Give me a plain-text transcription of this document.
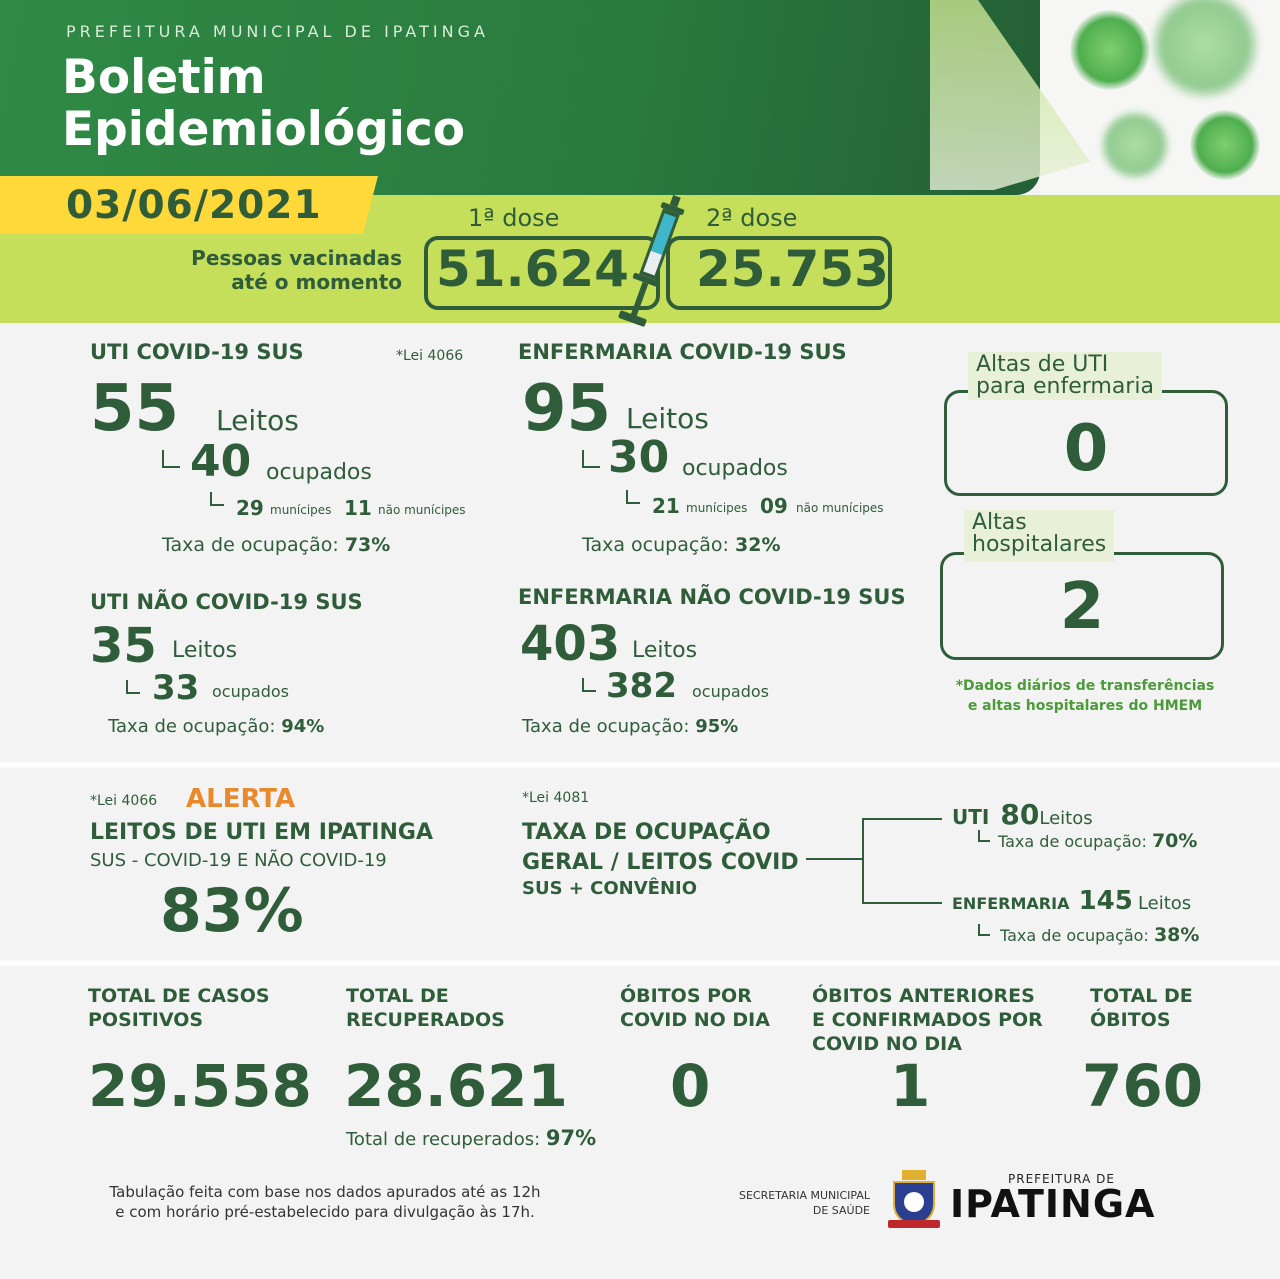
PREFEITURA MUNICIPAL DE IPATINGA
Boletim
Epidemiológico
03/06/2021
Pessoas vacinadas
até o momento
1ª dose	2ª dose
51.624 25.753
UTI COVID-19 SUS	*Lei 4066
55 Leitos
40 ocupados
29 munícipes 11 não munícipes
Taxa de ocupação: 73%
ENFERMARIA COVID-19 SUS
95 Leitos
30 ocupados
21 munícipes 09 não munícipes
Taxa ocupação: 32%
UTI NÃO COVID-19 SUS
35 Leitos
33 ocupados
Taxa de ocupação: 94%
ENFERMARIA NÃO COVID-19 SUS
403 Leitos
382 ocupados
Taxa de ocupação: 95%
Altas de UTI
para enfermaria
0
Altas
hospitalares
2
*Dados diários de transferências
e altas hospitalares do HMEM
*Lei 4066 ALERTA
LEITOS DE UTI EM IPATINGA
SUS - COVID-19 E NÃO COVID-19
83%
*Lei 4081
TAXA DE OCUPAÇÃO
GERAL / LEITOS COVID
SUS + CONVÊNIO
UTI 80Leitos
Taxa de ocupação: 70%
ENFERMARIA 145 Leitos
Taxa de ocupação: 38%
TOTAL DE CASOS
POSITIVOS
29.558
TOTAL DE
RECUPERADOS
28.621
Total de recuperados: 97%
ÓBITOS POR
COVID NO DIA
0
ÓBITOS ANTERIORES
E CONFIRMADOS POR
COVID NO DIA
1
TOTAL DE
ÓBITOS
760
Tabulação feita com base nos dados apurados até as 12h
e com horário pré-estabelecido para divulgação às 17h.
SECRETARIA MUNICIPAL
DE SAÚDE
PREFEITURA DE
IPATINGA
